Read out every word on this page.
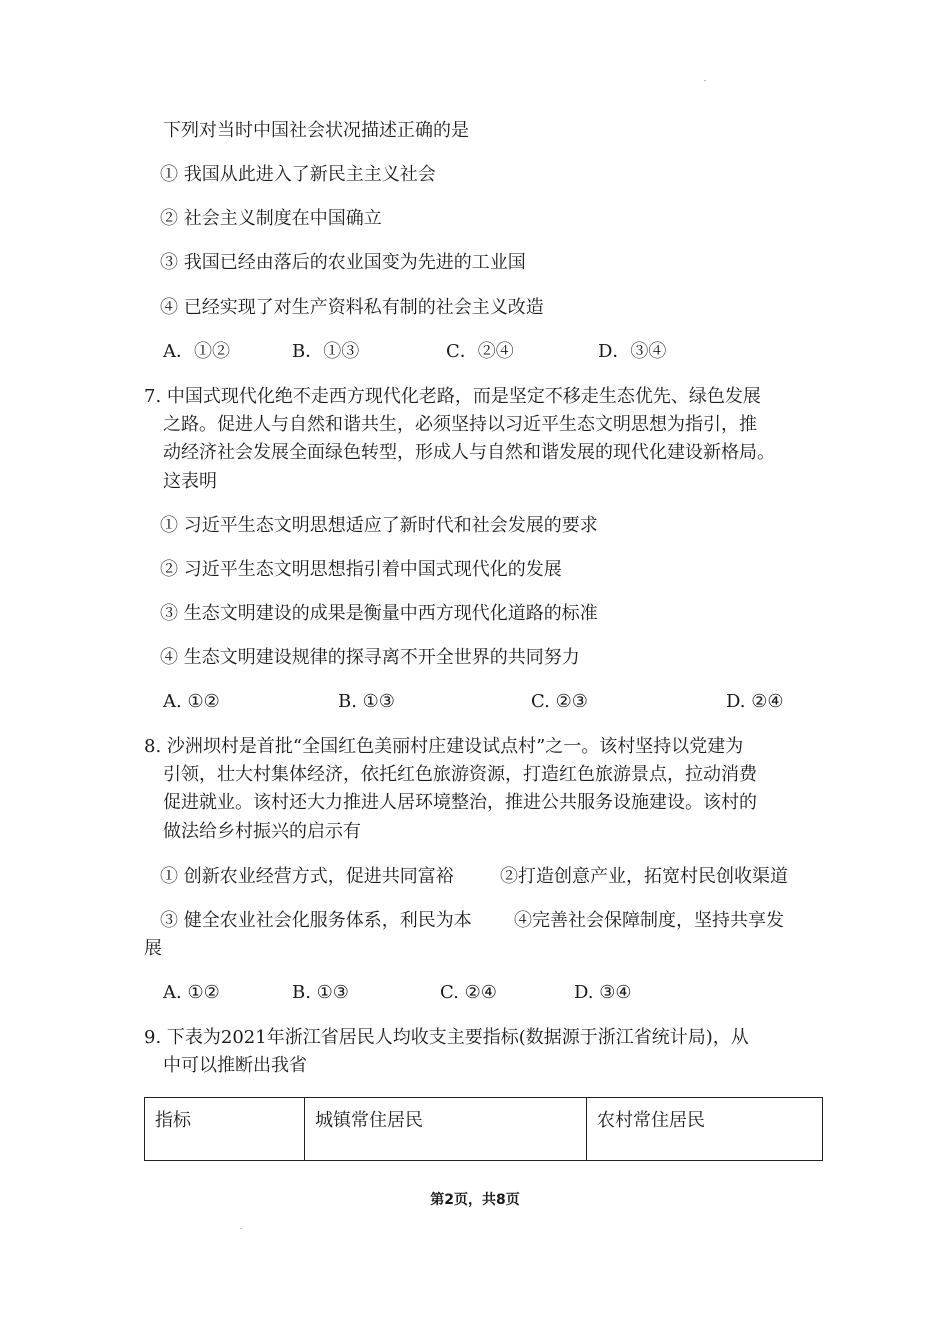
下列对当时中国社会状况描述正确的是
① 我国从此进入了新民主主义社会
② 社会主义制度在中国确立
③ 我国已经由落后的农业国变为先进的工业国
④ 已经实现了对生产资料私有制的社会主义改造
A．①②	B．①③	C．②④	D．③④
7. 中国式现代化绝不走西方现代化老路，而是坚定不移走生态优先、绿色发展
之路。促进人与自然和谐共生，必须坚持以习近平生态文明思想为指引，推
动经济社会发展全面绿色转型，形成人与自然和谐发展的现代化建设新格局。
这表明
① 习近平生态文明思想适应了新时代和社会发展的要求
② 习近平生态文明思想指引着中国式现代化的发展
③ 生态文明建设的成果是衡量中西方现代化道路的标准
④ 生态文明建设规律的探寻离不开全世界的共同努力
A. ①②	B. ①③	C. ②③	D. ②④
8. 沙洲坝村是首批“全国红色美丽村庄建设试点村”之一。该村坚持以党建为
引领，壮大村集体经济，依托红色旅游资源，打造红色旅游景点，拉动消费
促进就业。该村还大力推进人居环境整治，推进公共服务设施建设。该村的
做法给乡村振兴的启示有
① 创新农业经营方式，促进共同富裕	②打造创意产业，拓宽村民创收渠道
③ 健全农业社会化服务体系，利民为本 ④完善社会保障制度，坚持共享发
展
A. ①②	B. ①③	C. ②④	D. ③④
9. 下表为2021年浙江省居民人均收支主要指标(数据源于浙江省统计局)，从
中可以推断出我省
指标	城镇常住居民	农村常住居民
第2页，共8页
